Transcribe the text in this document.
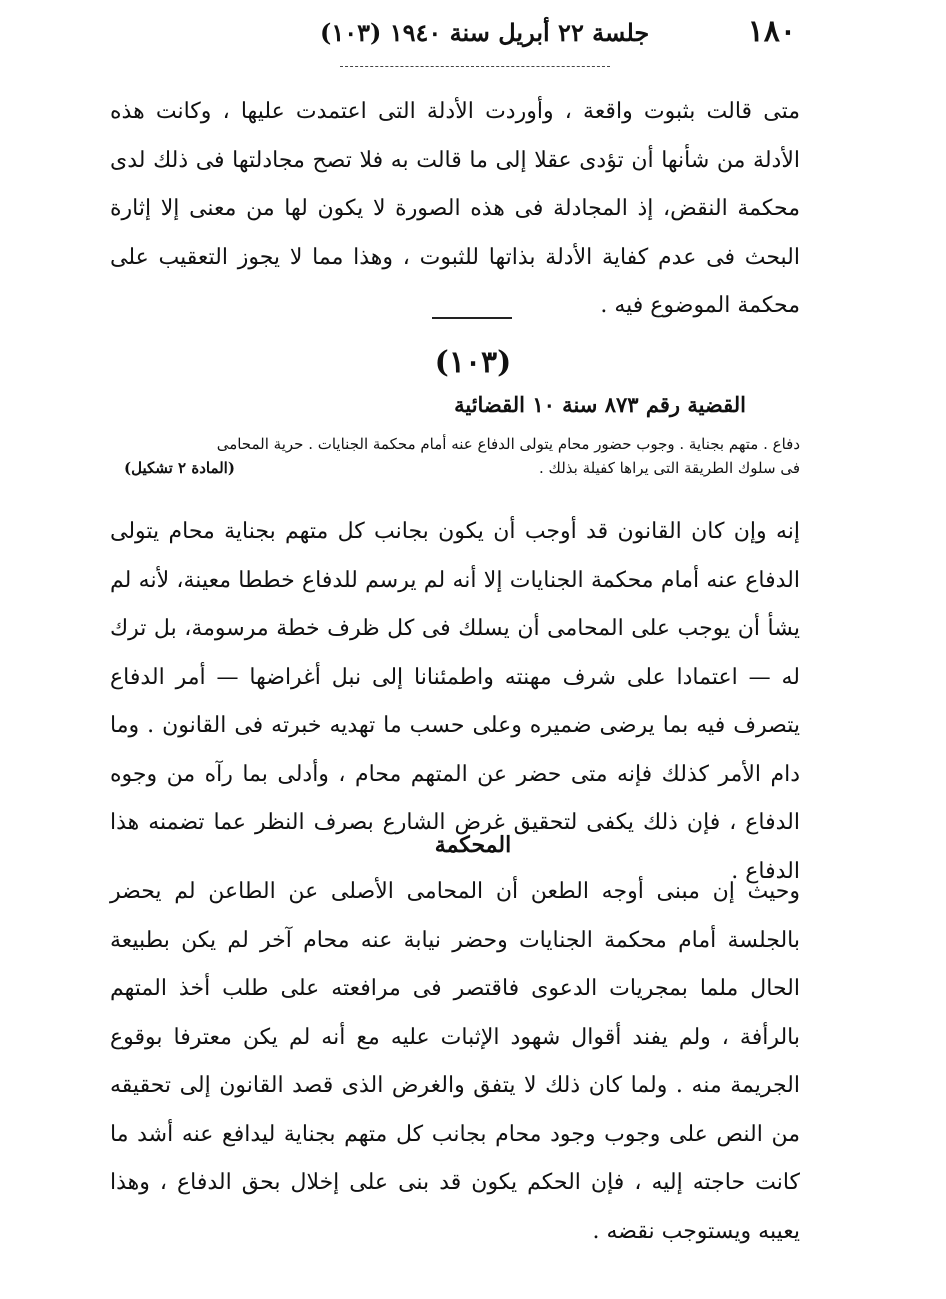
١٨٠
جلسة ٢٢ أبريل سنة ١٩٤٠ (١٠٣)

متى قالت بثبوت واقعة ، وأوردت الأدلة التى اعتمدت عليها ، وكانت هذه الأدلة من شأنها أن تؤدى عقلا إلى ما قالت به فلا تصح مجادلتها فى ذلك لدى محكمة النقض، إذ المجادلة فى هذه الصورة لا يكون لها من معنى إلا إثارة البحث فى عدم كفاية الأدلة بذاتها للثبوت ، وهذا مما لا يجوز التعقيب على محكمة الموضوع فيه .

(١٠٣)
القضية رقم ٨٧٣ سنة ١٠ القضائية
دفاع . متهم بجناية . وجوب حضور محام يتولى الدفاع عنه أمام محكمة الجنايات . حرية المحامى
فى سلوك الطريقة التى يراها كفيلة بذلك .
(المادة ٢ تشكيل)

إنه وإن كان القانون قد أوجب أن يكون بجانب كل متهم بجناية محام يتولى الدفاع عنه أمام محكمة الجنايات إلا أنه لم يرسم للدفاع خططا معينة، لأنه لم يشأ أن يوجب على المحامى أن يسلك فى كل ظرف خطة مرسومة، بل ترك له — اعتمادا على شرف مهنته واطمئنانا إلى نبل أغراضها — أمر الدفاع يتصرف فيه بما يرضى ضميره وعلى حسب ما تهديه خبرته فى القانون . وما دام الأمر كذلك فإنه متى حضر عن المتهم محام ، وأدلى بما رآه من وجوه الدفاع ، فإن ذلك يكفى لتحقيق غرض الشارع بصرف النظر عما تضمنه هذا الدفاع .

المحكمة

وحيث إن مبنى أوجه الطعن أن المحامى الأصلى عن الطاعن لم يحضر بالجلسة أمام محكمة الجنايات وحضر نيابة عنه محام آخر لم يكن بطبيعة الحال ملما بمجريات الدعوى فاقتصر فى مرافعته على طلب أخذ المتهم بالرأفة ، ولم يفند أقوال شهود الإثبات عليه مع أنه لم يكن معترفا بوقوع الجريمة منه . ولما كان ذلك لا يتفق والغرض الذى قصد القانون إلى تحقيقه من النص على وجوب وجود محام بجانب كل متهم بجناية ليدافع عنه أشد ما كانت حاجته إليه ، فإن الحكم يكون قد بنى على إخلال بحق الدفاع ، وهذا يعيبه ويستوجب نقضه .
